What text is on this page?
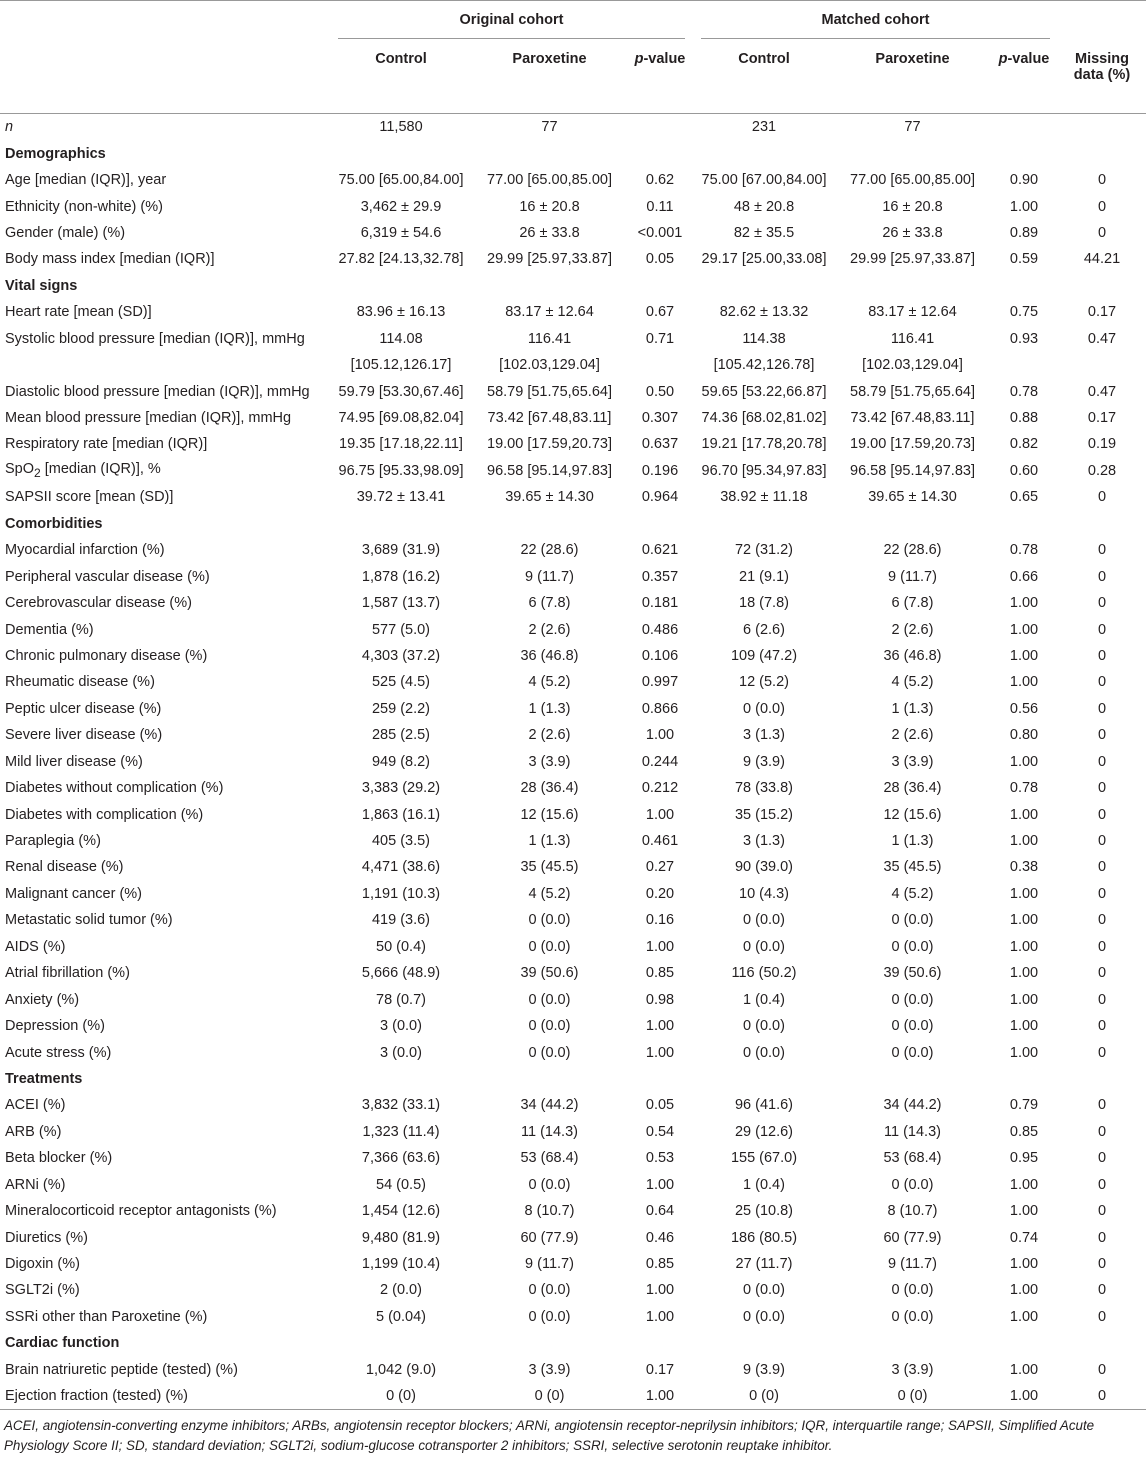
	Original cohort			Matched cohort			
	Control	Paroxetine	p-value	Control	Paroxetine	p-value	Missing
data (%)
n	11,580	77		231	77		
Demographics							
Age [median (IQR)], year	75.00 [65.00,84.00]	77.00 [65.00,85.00]	0.62	75.00 [67.00,84.00]	77.00 [65.00,85.00]	0.90	0
Ethnicity (non-white) (%)	3,462 ± 29.9	16 ± 20.8	0.11	48 ± 20.8	16 ± 20.8	1.00	0
Gender (male) (%)	6,319 ± 54.6	26 ± 33.8	<0.001	82 ± 35.5	26 ± 33.8	0.89	0
Body mass index [median (IQR)]	27.82 [24.13,32.78]	29.99 [25.97,33.87]	0.05	29.17 [25.00,33.08]	29.99 [25.97,33.87]	0.59	44.21
Vital signs							
Heart rate [mean (SD)]	83.96 ± 16.13	83.17 ± 12.64	0.67	82.62 ± 13.32	83.17 ± 12.64	0.75	0.17
Systolic blood pressure [median (IQR)], mmHg	114.08	116.41	0.71	114.38	116.41	0.93	0.47
	[105.12,126.17]	[102.03,129.04]		[105.42,126.78]	[102.03,129.04]		
Diastolic blood pressure [median (IQR)], mmHg	59.79 [53.30,67.46]	58.79 [51.75,65.64]	0.50	59.65 [53.22,66.87]	58.79 [51.75,65.64]	0.78	0.47
Mean blood pressure [median (IQR)], mmHg	74.95 [69.08,82.04]	73.42 [67.48,83.11]	0.307	74.36 [68.02,81.02]	73.42 [67.48,83.11]	0.88	0.17
Respiratory rate [median (IQR)]	19.35 [17.18,22.11]	19.00 [17.59,20.73]	0.637	19.21 [17.78,20.78]	19.00 [17.59,20.73]	0.82	0.19
SpO$_2$ [median (IQR)], %	96.75 [95.33,98.09]	96.58 [95.14,97.83]	0.196	96.70 [95.34,97.83]	96.58 [95.14,97.83]	0.60	0.28
SAPSII score [mean (SD)]	39.72 ± 13.41	39.65 ± 14.30	0.964	38.92 ± 11.18	39.65 ± 14.30	0.65	0
Comorbidities							
Myocardial infarction (%)	3,689 (31.9)	22 (28.6)	0.621	72 (31.2)	22 (28.6)	0.78	0
Peripheral vascular disease (%)	1,878 (16.2)	9 (11.7)	0.357	21 (9.1)	9 (11.7)	0.66	0
Cerebrovascular disease (%)	1,587 (13.7)	6 (7.8)	0.181	18 (7.8)	6 (7.8)	1.00	0
Dementia (%)	577 (5.0)	2 (2.6)	0.486	6 (2.6)	2 (2.6)	1.00	0
Chronic pulmonary disease (%)	4,303 (37.2)	36 (46.8)	0.106	109 (47.2)	36 (46.8)	1.00	0
Rheumatic disease (%)	525 (4.5)	4 (5.2)	0.997	12 (5.2)	4 (5.2)	1.00	0
Peptic ulcer disease (%)	259 (2.2)	1 (1.3)	0.866	0 (0.0)	1 (1.3)	0.56	0
Severe liver disease (%)	285 (2.5)	2 (2.6)	1.00	3 (1.3)	2 (2.6)	0.80	0
Mild liver disease (%)	949 (8.2)	3 (3.9)	0.244	9 (3.9)	3 (3.9)	1.00	0
Diabetes without complication (%)	3,383 (29.2)	28 (36.4)	0.212	78 (33.8)	28 (36.4)	0.78	0
Diabetes with complication (%)	1,863 (16.1)	12 (15.6)	1.00	35 (15.2)	12 (15.6)	1.00	0
Paraplegia (%)	405 (3.5)	1 (1.3)	0.461	3 (1.3)	1 (1.3)	1.00	0
Renal disease (%)	4,471 (38.6)	35 (45.5)	0.27	90 (39.0)	35 (45.5)	0.38	0
Malignant cancer (%)	1,191 (10.3)	4 (5.2)	0.20	10 (4.3)	4 (5.2)	1.00	0
Metastatic solid tumor (%)	419 (3.6)	0 (0.0)	0.16	0 (0.0)	0 (0.0)	1.00	0
AIDS (%)	50 (0.4)	0 (0.0)	1.00	0 (0.0)	0 (0.0)	1.00	0
Atrial fibrillation (%)	5,666 (48.9)	39 (50.6)	0.85	116 (50.2)	39 (50.6)	1.00	0
Anxiety (%)	78 (0.7)	0 (0.0)	0.98	1 (0.4)	0 (0.0)	1.00	0
Depression (%)	3 (0.0)	0 (0.0)	1.00	0 (0.0)	0 (0.0)	1.00	0
Acute stress (%)	3 (0.0)	0 (0.0)	1.00	0 (0.0)	0 (0.0)	1.00	0
Treatments							
ACEI (%)	3,832 (33.1)	34 (44.2)	0.05	96 (41.6)	34 (44.2)	0.79	0
ARB (%)	1,323 (11.4)	11 (14.3)	0.54	29 (12.6)	11 (14.3)	0.85	0
Beta blocker (%)	7,366 (63.6)	53 (68.4)	0.53	155 (67.0)	53 (68.4)	0.95	0
ARNi (%)	54 (0.5)	0 (0.0)	1.00	1 (0.4)	0 (0.0)	1.00	0
Mineralocorticoid receptor antagonists (%)	1,454 (12.6)	8 (10.7)	0.64	25 (10.8)	8 (10.7)	1.00	0
Diuretics (%)	9,480 (81.9)	60 (77.9)	0.46	186 (80.5)	60 (77.9)	0.74	0
Digoxin (%)	1,199 (10.4)	9 (11.7)	0.85	27 (11.7)	9 (11.7)	1.00	0
SGLT2i (%)	2 (0.0)	0 (0.0)	1.00	0 (0.0)	0 (0.0)	1.00	0
SSRi other than Paroxetine (%)	5 (0.04)	0 (0.0)	1.00	0 (0.0)	0 (0.0)	1.00	0
Cardiac function							
Brain natriuretic peptide (tested) (%)	1,042 (9.0)	3 (3.9)	0.17	9 (3.9)	3 (3.9)	1.00	0
Ejection fraction (tested) (%)	0 (0)	0 (0)	1.00	0 (0)	0 (0)	1.00	0
ACEI, angiotensin-converting enzyme inhibitors; ARBs, angiotensin receptor blockers; ARNi, angiotensin receptor-neprilysin inhibitors; IQR, interquartile range; SAPSII, Simplified Acute Physiology Score II; SD, standard deviation; SGLT2i, sodium-glucose cotransporter 2 inhibitors; SSRI, selective serotonin reuptake inhibitor.
